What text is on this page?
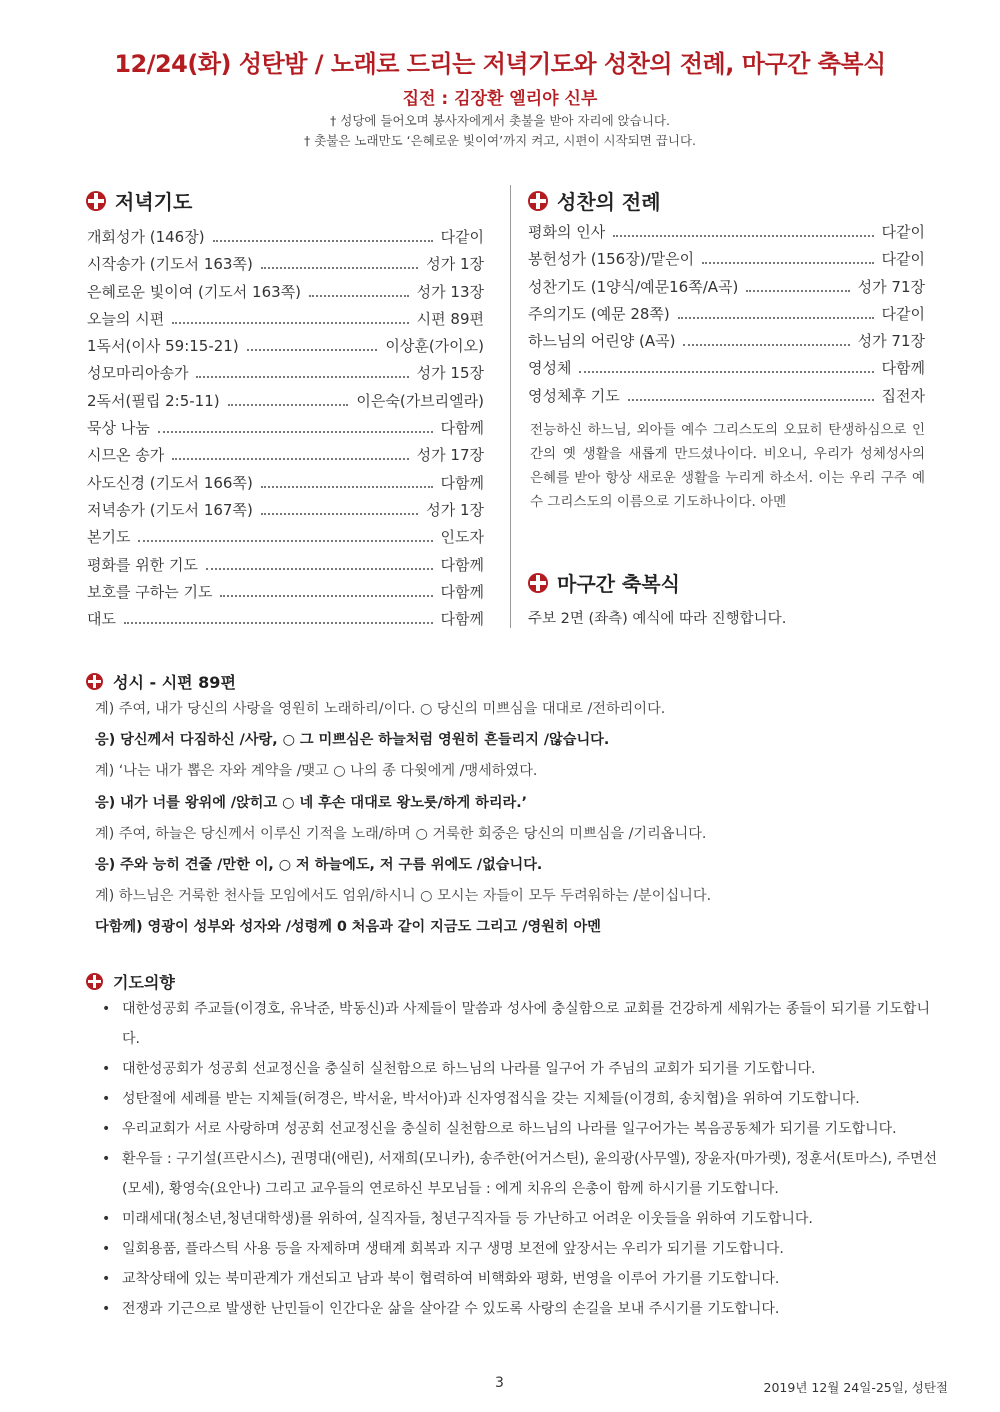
12/24(화) 성탄밤 / 노래로 드리는 저녁기도와 성찬의 전례, 마구간 축복식
집전 : 김장환 엘리야 신부
† 성당에 들어오며 봉사자에게서 촛불을 받아 자리에 앉습니다.
† 촛불은 노래만도 ‘은혜로운 빛이여’까지 켜고, 시편이 시작되면 끕니다.
저녁기도
개회성가 (146장)	다같이
시작송가 (기도서 163쪽)	성가 1장
은혜로운 빛이여 (기도서 163쪽)	성가 13장
오늘의 시편	시편 89편
1독서(이사 59:15-21)	이상훈(가이오)
성모마리아송가	성가 15장
2독서(필립 2:5-11)	이은숙(가브리엘라)
묵상 나눔	다함께
시므온 송가	성가 17장
사도신경 (기도서 166쪽)	다함께
저녁송가 (기도서 167쪽)	성가 1장
본기도	인도자
평화를 위한 기도	다함께
보호를 구하는 기도	다함께
대도	다함께
성찬의 전례
평화의 인사	다같이
봉헌성가 (156장)/맡은이	다같이
성찬기도 (1양식/예문16쪽/A곡)	성가 71장
주의기도 (예문 28쪽)	다같이
하느님의 어린양 (A곡)	성가 71장
영성체	다함께
영성체후 기도	집전자
전능하신 하느님, 외아들 예수 그리스도의 오묘히 탄생하심으로 인간의 옛 생활을 새롭게 만드셨나이다. 비오니, 우리가 성체성사의 은혜를 받아 항상 새로운 생활을 누리게 하소서. 이는 우리 구주 예수 그리스도의 이름으로 기도하나이다. 아멘
마구간 축복식
주보 2면 (좌측) 예식에 따라 진행합니다.
성시 - 시편 89편
계) 주여, 내가 당신의 사랑을 영원히 노래하리/이다. ○ 당신의 미쁘심을 대대로 /전하리이다.
응) 당신께서 다짐하신 /사랑, ○ 그 미쁘심은 하늘처럼 영원히 흔들리지 /않습니다.
계) ‘나는 내가 뽑은 자와 계약을 /맺고 ○ 나의 종 다윗에게 /맹세하였다.
응) 내가 너를 왕위에 /앉히고 ○ 네 후손 대대로 왕노릇/하게 하리라.’
계) 주여, 하늘은 당신께서 이루신 기적을 노래/하며 ○ 거룩한 회중은 당신의 미쁘심을 /기리옵니다.
응) 주와 능히 견줄 /만한 이, ○ 저 하늘에도, 저 구름 위에도 /없습니다.
계) 하느님은 거룩한 천사들 모임에서도 엄위/하시니 ○ 모시는 자들이 모두 두려워하는 /분이십니다.
다함께) 영광이 성부와 성자와 /성령께 0 처음과 같이 지금도 그리고 /영원히 아멘
기도의향
• 대한성공회 주교들(이경호, 유낙준, 박동신)과 사제들이 말씀과 성사에 충실함으로 교회를 건강하게 세워가는 종들이 되기를 기도합니다.
• 대한성공회가 성공회 선교정신을 충실히 실천함으로 하느님의 나라를 일구어 가 주님의 교회가 되기를 기도합니다.
• 성탄절에 세례를 받는 지체들(허경은, 박서윤, 박서아)과 신자영접식을 갖는 지체들(이경희, 송치협)을 위하여 기도합니다.
• 우리교회가 서로 사랑하며 성공회 선교정신을 충실히 실천함으로 하느님의 나라를 일구어가는 복음공동체가 되기를 기도합니다.
• 환우들 : 구기설(프란시스), 권명대(애린), 서재희(모니카), 송주한(어거스틴), 윤의광(사무엘), 장윤자(마가렛), 정훈서(토마스), 주면선(모세), 황영숙(요안나) 그리고 교우들의 연로하신 부모님들 : 에게 치유의 은총이 함께 하시기를 기도합니다.
• 미래세대(청소년,청년대학생)를 위하여, 실직자들, 청년구직자들 등 가난하고 어려운 이웃들을 위하여 기도합니다.
• 일회용품, 플라스틱 사용 등을 자제하며 생태계 회복과 지구 생명 보전에 앞장서는 우리가 되기를 기도합니다.
• 교착상태에 있는 북미관계가 개선되고 남과 북이 협력하여 비핵화와 평화, 번영을 이루어 가기를 기도합니다.
• 전쟁과 기근으로 발생한 난민들이 인간다운 삶을 살아갈 수 있도록 사랑의 손길을 보내 주시기를 기도합니다.
3	2019년 12월 24일-25일, 성탄절
